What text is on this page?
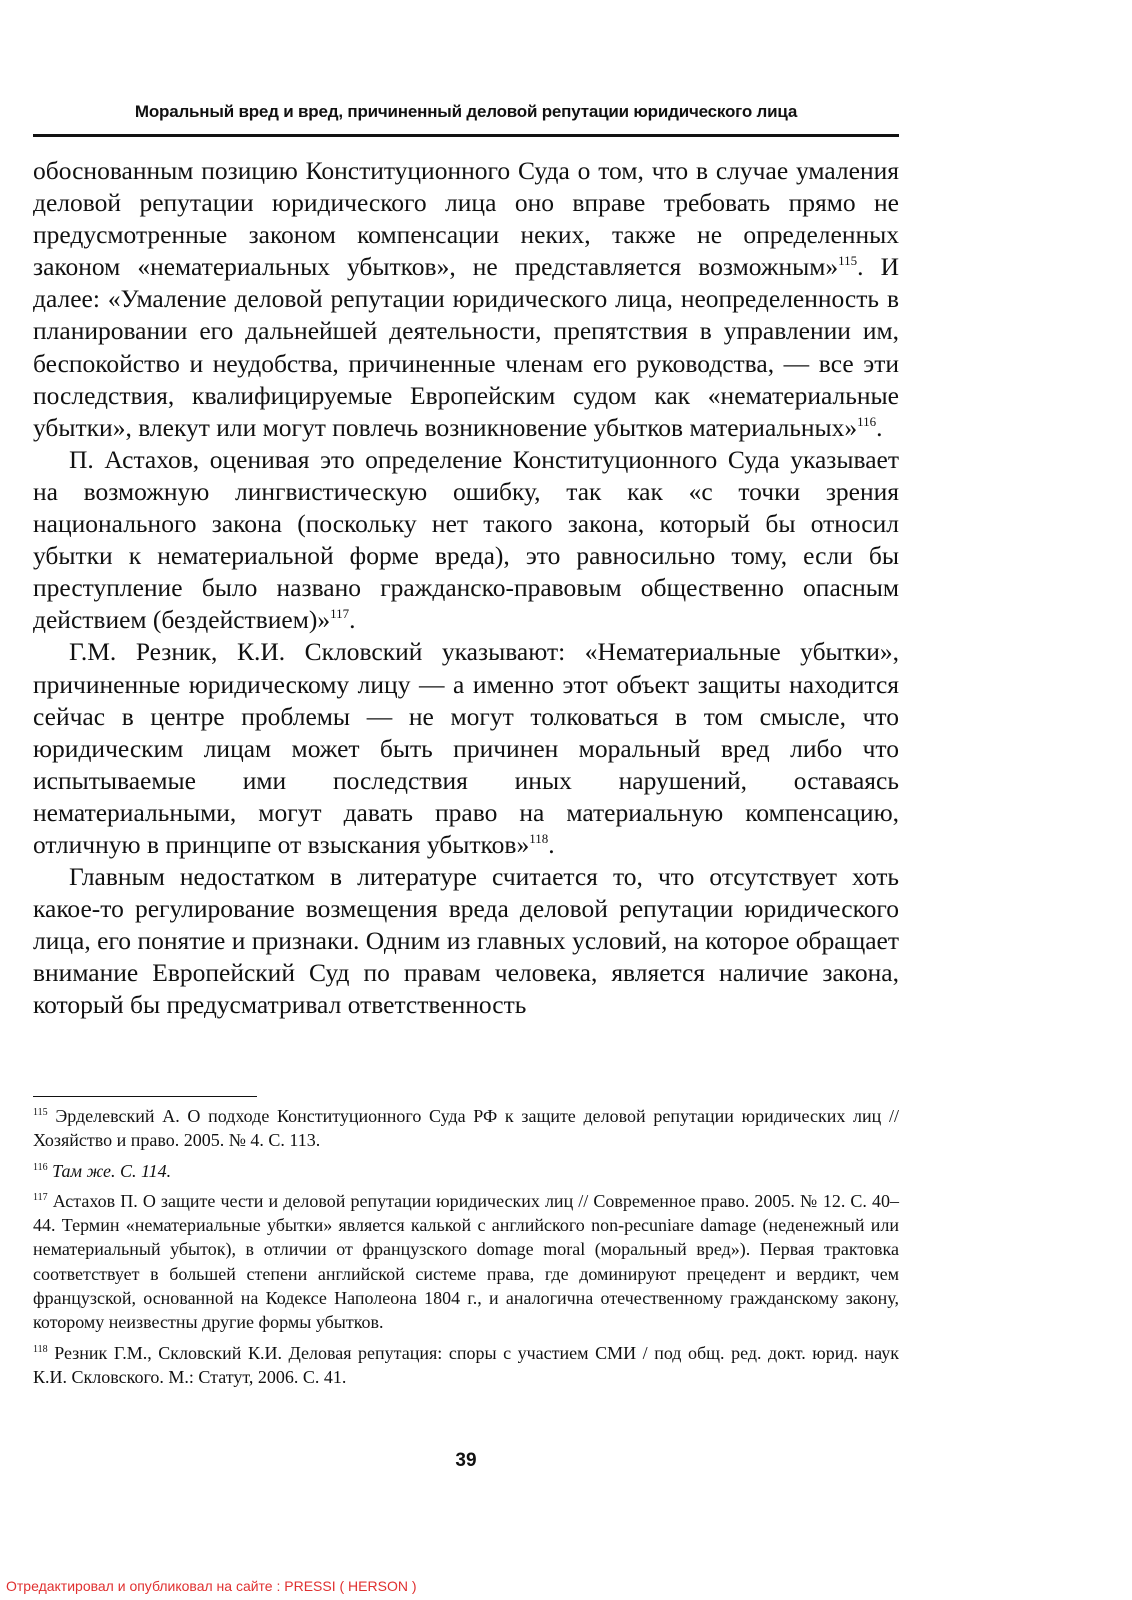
Моральный вред и вред, причиненный деловой репутации юридического лица

обоснованным позицию Конституционного Суда о том, что в случае умаления деловой репутации юридического лица оно вправе требовать прямо не предусмотренные законом компенсации неких, также не определенных законом «нематериальных убытков», не представляется возможным»$^{115}$. И далее: «Умаление деловой репутации юридического лица, неопределенность в планировании его дальнейшей деятельности, препятствия в управлении им, беспокойство и неудобства, причиненные членам его руководства, — все эти последствия, квалифицируемые Европейским судом как «нематериальные убытки», влекут или могут повлечь возникновение убытков материальных»$^{116}$.

П. Астахов, оценивая это определение Конституционного Суда указывает на возможную лингвистическую ошибку, так как «с точки зрения национального закона (поскольку нет такого закона, который бы относил убытки к нематериальной форме вреда), это равносильно тому, если бы преступление было названо гражданско-правовым общественно опасным действием (бездействием)»$^{117}$.

Г.М. Резник, К.И. Скловский указывают: «Нематериальные убытки», причиненные юридическому лицу — а именно этот объект защиты находится сейчас в центре проблемы — не могут толковаться в том смысле, что юридическим лицам может быть причинен моральный вред либо что испытываемые ими последствия иных нарушений, оставаясь нематериальными, могут давать право на материальную компенсацию, отличную в принципе от взыскания убытков»$^{118}$.

Главным недостатком в литературе считается то, что отсутствует хоть какое-то регулирование возмещения вреда деловой репутации юридического лица, его понятие и признаки. Одним из главных условий, на которое обращает внимание Европейский Суд по правам человека, является наличие закона, который бы предусматривал ответственность

$^{115}$ Эрделевский А. О подходе Конституционного Суда РФ к защите деловой репутации юридических лиц // Хозяйство и право. 2005. № 4. С. 113.

$^{116}$ Там же. С. 114.

$^{117}$ Астахов П. О защите чести и деловой репутации юридических лиц // Современное право. 2005. № 12. С. 40–44. Термин «нематериальные убытки» является калькой с английского non-pecuniare damage (неденежный или нематериальный убыток), в отличии от французского domage moral (моральный вред»). Первая трактовка соответствует в большей степени английской системе права, где доминируют прецедент и вердикт, чем французской, основанной на Кодексе Наполеона 1804 г., и аналогична отечественному гражданскому закону, которому неизвестны другие формы убытков.

$^{118}$ Резник Г.М., Скловский К.И. Деловая репутация: споры с участием СМИ / под общ. ред. докт. юрид. наук К.И. Скловского. М.: Статут, 2006. С. 41.

39
Отредактировал и опубликовал на сайте : PRESSI ( HERSON )
